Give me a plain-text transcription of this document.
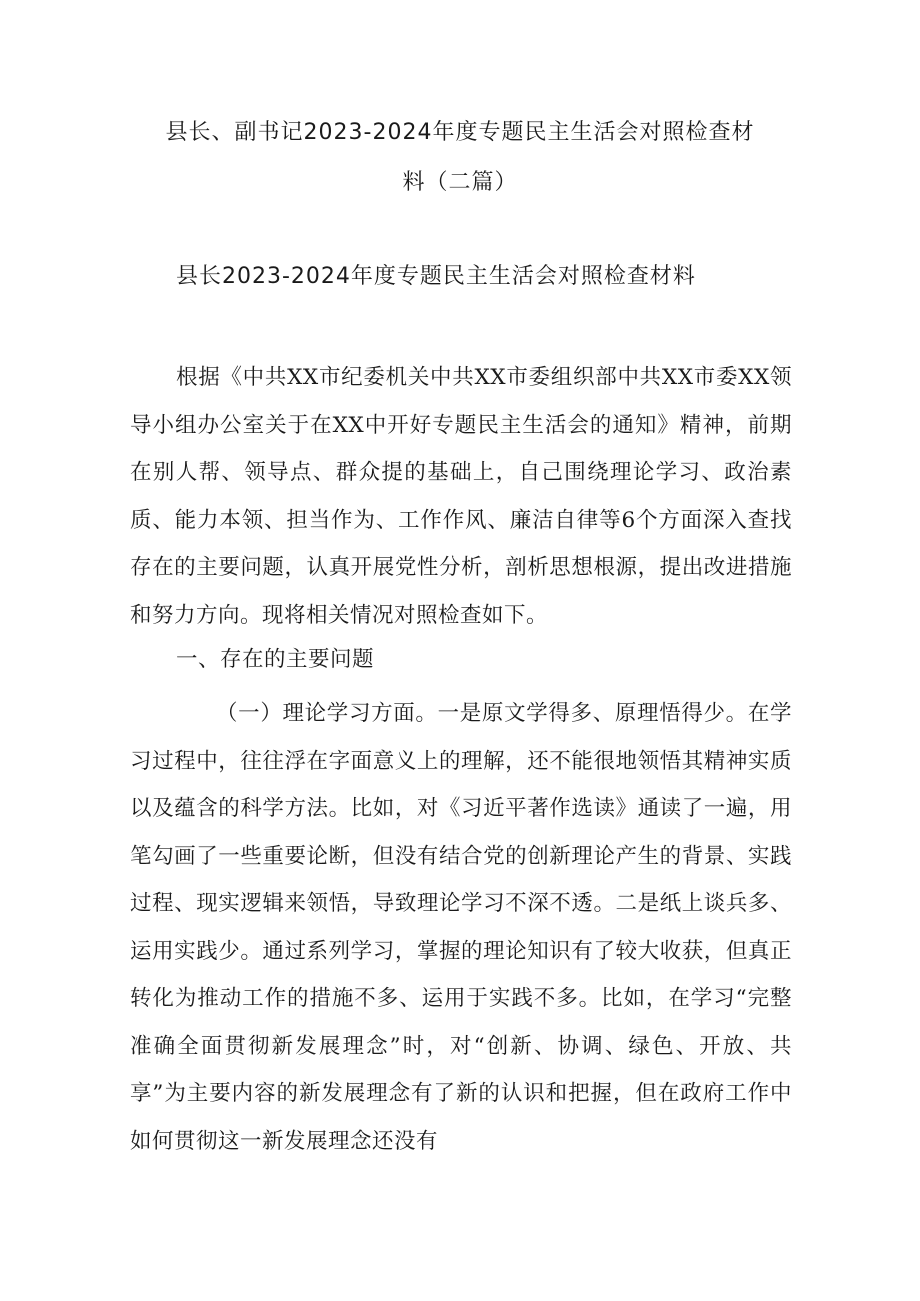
县长、副书记2023-2024年度专题民主生活会对照检查材
料（二篇）
县长2023-2024年度专题民主生活会对照检查材料
根据《中共XX市纪委机关中共XX市委组织部中共XX市委XX领导小组办公室关于在XX中开好专题民主生活会的通知》精神，前期在别人帮、领导点、群众提的基础上，自己围绕理论学习、政治素质、能力本领、担当作为、工作作风、廉洁自律等6个方面深入查找存在的主要问题，认真开展党性分析，剖析思想根源，提出改进措施和努力方向。现将相关情况对照检查如下。
一、存在的主要问题
（一）理论学习方面。一是原文学得多、原理悟得少。在学习过程中，往往浮在字面意义上的理解，还不能很地领悟其精神实质以及蕴含的科学方法。比如，对《习近平著作选读》通读了一遍，用笔勾画了一些重要论断，但没有结合党的创新理论产生的背景、实践过程、现实逻辑来领悟，导致理论学习不深不透。二是纸上谈兵多、运用实践少。通过系列学习，掌握的理论知识有了较大收获，但真正转化为推动工作的措施不多、运用于实践不多。比如，在学习“完整准确全面贯彻新发展理念”时，对“创新、协调、绿色、开放、共享”为主要内容的新发展理念有了新的认识和把握，但在政府工作中如何贯彻这一新发展理念还没有
